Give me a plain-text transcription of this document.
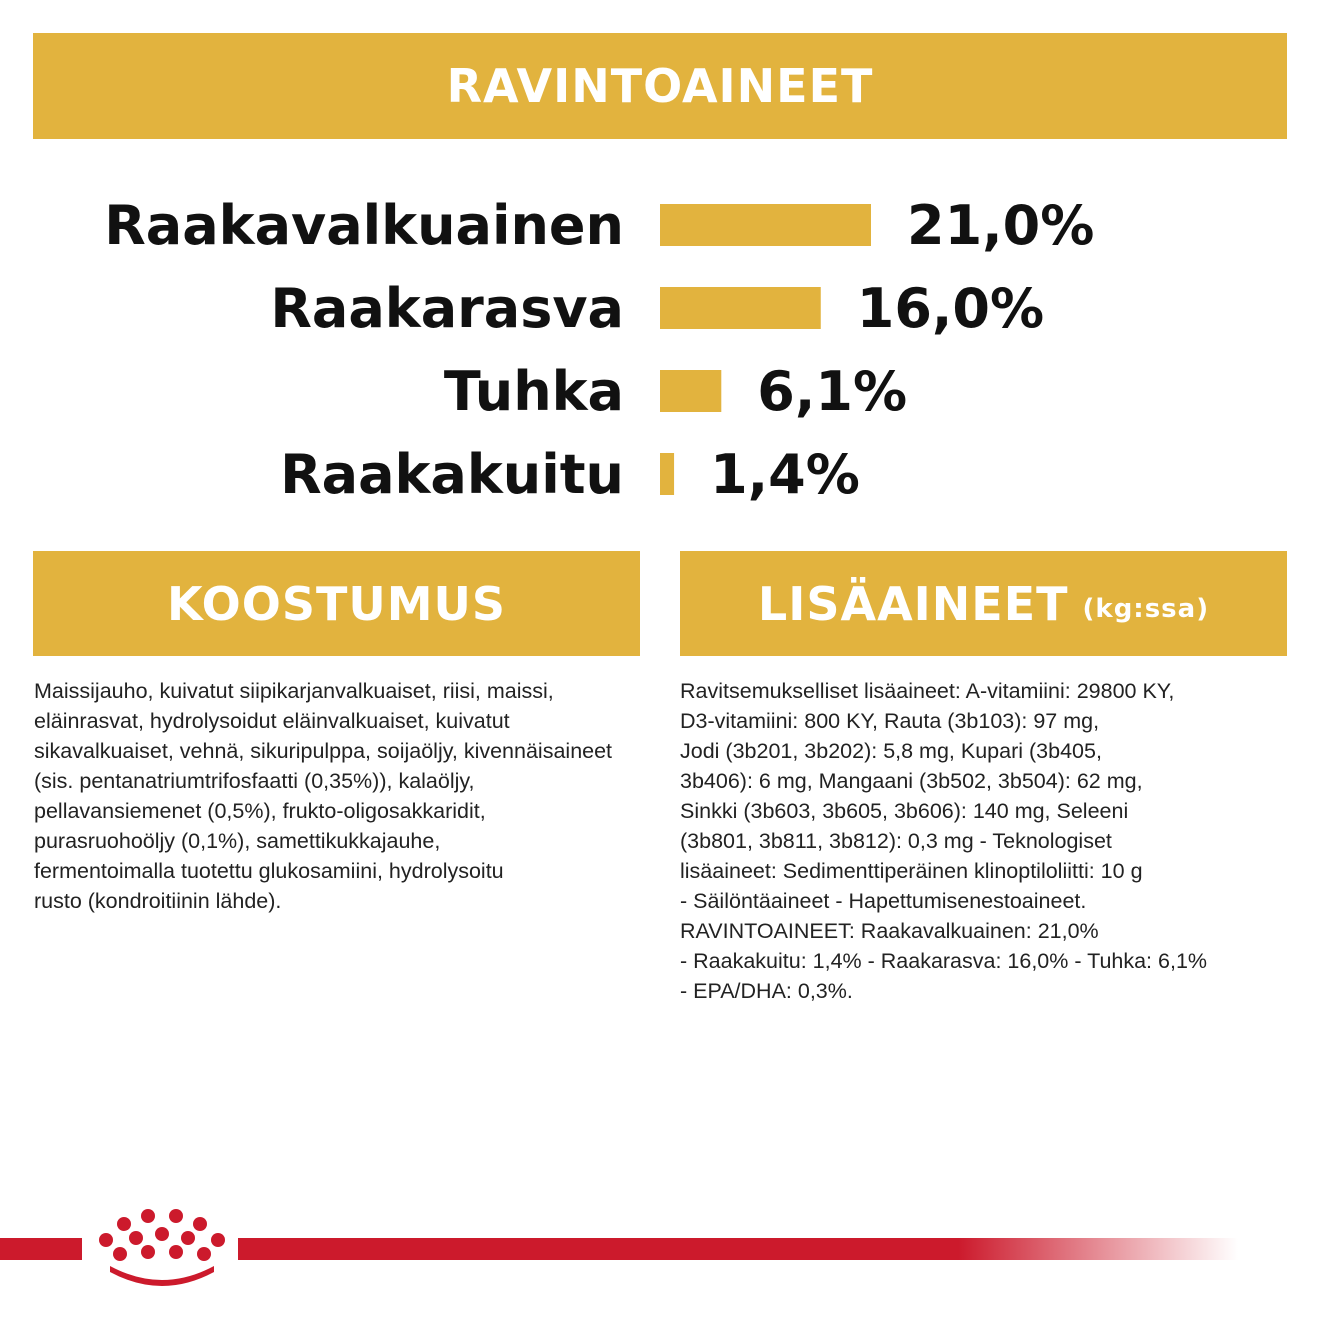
RAVINTOAINEET
Raakavalkuainen	21,0%
Raakarasva	16,0%
Tuhka 6,1%
Raakakuitu 1,4%
KOOSTUMUS	LISÄAINEET (kg:ssa)

Maissijauho, kuivatut siipikarjanvalkuaiset, riisi, maissi,
eläinrasvat, hydrolysoidut eläinvalkuaiset, kuivatut
sikavalkuaiset, vehnä, sikuripulppa, soijaöljy, kivennäisaineet
(sis. pentanatriumtrifosfaatti (0,35%)), kalaöljy,
pellavansiemenet (0,5%), frukto-oligosakkaridit,
purasruohoöljy (0,1%), samettikukkajauhe,
fermentoimalla tuotettu glukosamiini, hydrolysoitu
rusto (kondroitiinin lähde).

Ravitsemukselliset lisäaineet: A-vitamiini: 29800 KY,
D3-vitamiini: 800 KY, Rauta (3b103): 97 mg,
Jodi (3b201, 3b202): 5,8 mg, Kupari (3b405,
3b406): 6 mg, Mangaani (3b502, 3b504): 62 mg,
Sinkki (3b603, 3b605, 3b606): 140 mg, Seleeni
(3b801, 3b811, 3b812): 0,3 mg - Teknologiset
lisäaineet: Sedimenttiperäinen klinoptiloliitti: 10 g
- Säilöntäaineet - Hapettumisenestoaineet.
RAVINTOAINEET: Raakavalkuainen: 21,0%
- Raakakuitu: 1,4% - Raakarasva: 16,0% - Tuhka: 6,1%
- EPA/DHA: 0,3%.
